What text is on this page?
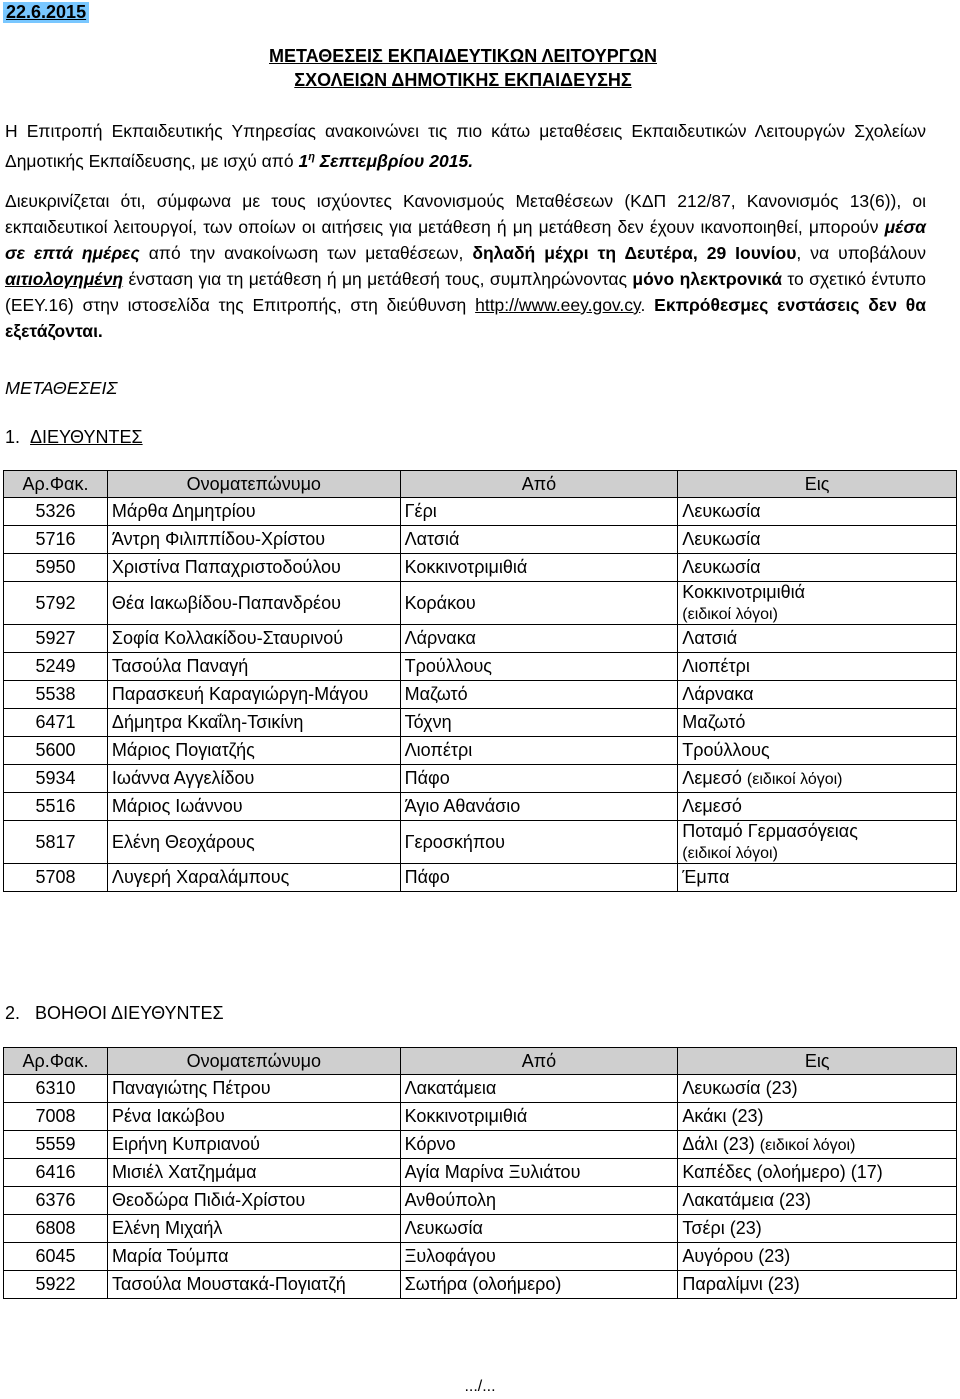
22.6.2015
ΜΕΤΑΘΕΣΕΙΣ ΕΚΠΑΙΔΕΥΤΙΚΩΝ ΛΕΙΤΟΥΡΓΩΝ
ΣΧΟΛΕΙΩΝ ΔΗΜΟΤΙΚΗΣ ΕΚΠΑΙΔΕΥΣΗΣ
Η Επιτροπή Εκπαιδευτικής Υπηρεσίας ανακοινώνει τις πιο κάτω μεταθέσεις Εκπαιδευτικών Λειτουργών Σχολείων Δημοτικής Εκπαίδευσης, με ισχύ από $1^\eta$ Σεπτεμβρίου 2015.
Διευκρινίζεται ότι, σύμφωνα με τους ισχύοντες Κανονισμούς Μεταθέσεων (ΚΔΠ 212/87, Κανονισμός 13(6)), οι εκπαιδευτικοί λειτουργοί, των οποίων οι αιτήσεις για μετάθεση ή μη μετάθεση δεν έχουν ικανοποιηθεί, μπορούν μέσα σε επτά ημέρες από την ανακοίνωση των μεταθέσεων, δηλαδή μέχρι τη Δευτέρα, 29 Ιουνίου, να υποβάλουν αιτιολογημένη ένσταση για τη μετάθεση ή μη μετάθεσή τους, συμπληρώνοντας μόνο ηλεκτρονικά το σχετικό έντυπο (ΕΕΥ.16) στην ιστοσελίδα της Επιτροπής, στη διεύθυνση http://www.eey.gov.cy. Εκπρόθεσμες ενστάσεις δεν θα εξετάζονται.
ΜΕΤΑΘΕΣΕΙΣ
1. ΔΙΕΥΘΥΝΤΕΣ
Αρ.Φακ.	Ονοματεπώνυμο	Από	Εις
5326	Μάρθα Δημητρίου	Γέρι	Λευκωσία
5716	Άντρη Φιλιππίδου-Χρίστου	Λατσιά	Λευκωσία
5950	Χριστίνα Παπαχριστοδούλου	Κοκκινοτριμιθιά	Λευκωσία
5792	Θέα Ιακωβίδου-Παπανδρέου	Κοράκου	Κοκκινοτριμιθιά
(ειδικοί λόγοι)
5927	Σοφία Κολλακίδου-Σταυρινού	Λάρνακα	Λατσιά
5249	Τασούλα Παναγή	Τρούλλους	Λιοπέτρι
5538	Παρασκευή Καραγιώργη-Μάγου	Μαζωτό	Λάρνακα
6471	Δήμητρα Κκαΐλη-Τσικίνη	Τόχνη	Μαζωτό
5600	Μάριος Πογιατζής	Λιοπέτρι	Τρούλλους
5934	Ιωάννα Αγγελίδου	Πάφο	Λεμεσό (ειδικοί λόγοι)
5516	Μάριος Ιωάννου	Άγιο Αθανάσιο	Λεμεσό
5817	Ελένη Θεοχάρους	Γεροσκήπου	Ποταμό Γερμασόγειας
(ειδικοί λόγοι)
5708	Λυγερή Χαραλάμπους	Πάφο	Έμπα
2. ΒΟΗΘΟΙ ΔΙΕΥΘΥΝΤΕΣ
Αρ.Φακ.	Ονοματεπώνυμο	Από	Εις
6310	Παναγιώτης Πέτρου	Λακατάμεια	Λευκωσία (23)
7008	Ρένα Ιακώβου	Κοκκινοτριμιθιά	Ακάκι (23)
5559	Ειρήνη Κυπριανού	Κόρνο	Δάλι (23) (ειδικοί λόγοι)
6416	Μισιέλ Χατζημάμα	Αγία Μαρίνα Ξυλιάτου	Καπέδες (ολοήμερο) (17)
6376	Θεοδώρα Πιδιά-Χρίστου	Ανθούπολη	Λακατάμεια (23)
6808	Ελένη Μιχαήλ	Λευκωσία	Τσέρι (23)
6045	Μαρία Τούμπα	Ξυλοφάγου	Αυγόρου (23)
5922	Τασούλα Μουστακά-Πογιατζή	Σωτήρα (ολοήμερο)	Παραλίμνι (23)
.../...
